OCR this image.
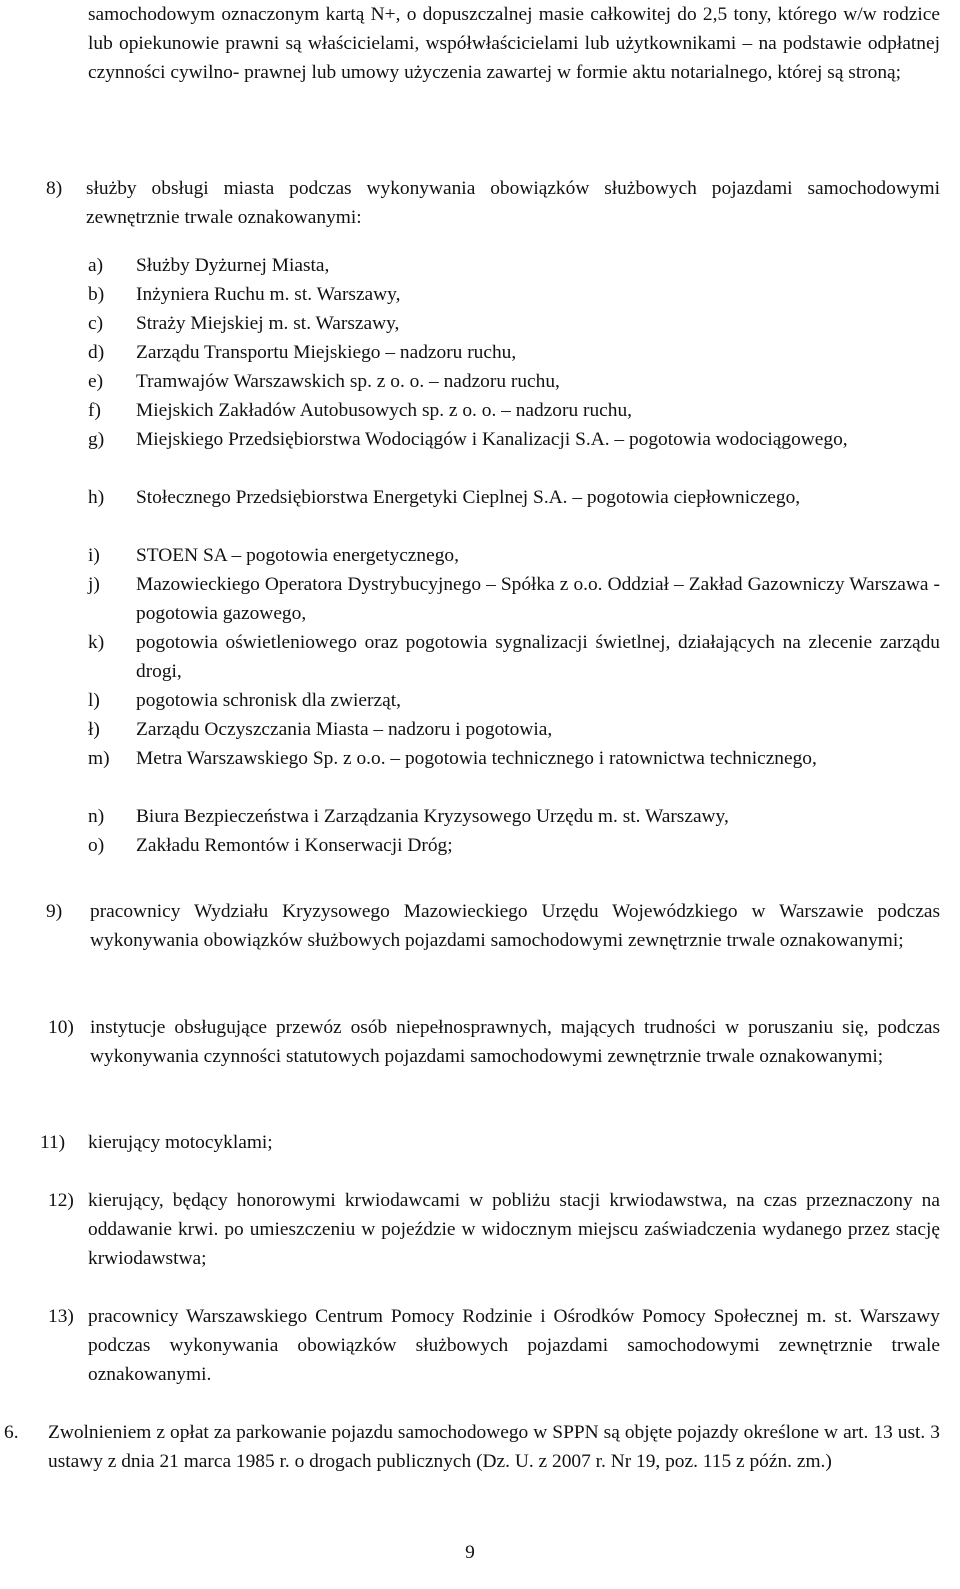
samochodowym oznaczonym kartą N+, o dopuszczalnej masie całkowitej do 2,5 tony, którego w/w rodzice lub opiekunowie prawni są właścicielami, współwłaścicielami lub użytkownikami – na podstawie odpłatnej czynności cywilno- prawnej lub umowy użyczenia zawartej w formie aktu notarialnego, której są stroną;
8)	służby obsługi miasta podczas wykonywania obowiązków służbowych pojazdami samochodowymi zewnętrznie trwale oznakowanymi:
a) Służby Dyżurnej Miasta,
b) Inżyniera Ruchu m. st. Warszawy,
c) Straży Miejskiej m. st. Warszawy,
d) Zarządu Transportu Miejskiego – nadzoru ruchu,
e) Tramwajów Warszawskich sp. z o. o. – nadzoru ruchu,
f) Miejskich Zakładów Autobusowych sp. z o. o. – nadzoru ruchu,
g) Miejskiego Przedsiębiorstwa Wodociągów i Kanalizacji S.A. – pogotowia wodociągowego,
h) Stołecznego Przedsiębiorstwa Energetyki Cieplnej S.A. – pogotowia ciepłowniczego,
i) STOEN SA – pogotowia energetycznego,
j) Mazowieckiego Operatora Dystrybucyjnego – Spółka z o.o. Oddział – Zakład Gazowniczy Warszawa - pogotowia gazowego,
k) pogotowia oświetleniowego oraz pogotowia sygnalizacji świetlnej, działających na zlecenie zarządu drogi,
l) pogotowia schronisk dla zwierząt,
ł) Zarządu Oczyszczania Miasta – nadzoru i pogotowia,
m) Metra Warszawskiego Sp. z o.o. – pogotowia technicznego i ratownictwa technicznego,
n) Biura Bezpieczeństwa i Zarządzania Kryzysowego Urzędu m. st. Warszawy,
o) Zakładu Remontów i Konserwacji Dróg;
9)	pracownicy Wydziału Kryzysowego Mazowieckiego Urzędu Wojewódzkiego w Warszawie podczas wykonywania obowiązków służbowych pojazdami samochodowymi zewnętrznie trwale oznakowanymi;
10) instytucje obsługujące przewóz osób niepełnosprawnych, mających trudności w poruszaniu się, podczas wykonywania czynności statutowych pojazdami samochodowymi zewnętrznie trwale oznakowanymi;
11)	kierujący motocyklami;
12) kierujący, będący honorowymi krwiodawcami w pobliżu stacji krwiodawstwa, na czas przeznaczony na oddawanie krwi. po umieszczeniu w pojeździe w widocznym miejscu zaświadczenia wydanego przez stację krwiodawstwa;
13) pracownicy Warszawskiego Centrum Pomocy Rodzinie i Ośrodków Pomocy Społecznej m. st. Warszawy podczas wykonywania obowiązków służbowych pojazdami samochodowymi zewnętrznie trwale oznakowanymi.
6.	Zwolnieniem z opłat za parkowanie pojazdu samochodowego w SPPN są objęte pojazdy określone w art. 13 ust. 3 ustawy z dnia 21 marca 1985 r. o drogach publicznych (Dz. U. z 2007 r. Nr 19, poz. 115 z późn. zm.)
9
